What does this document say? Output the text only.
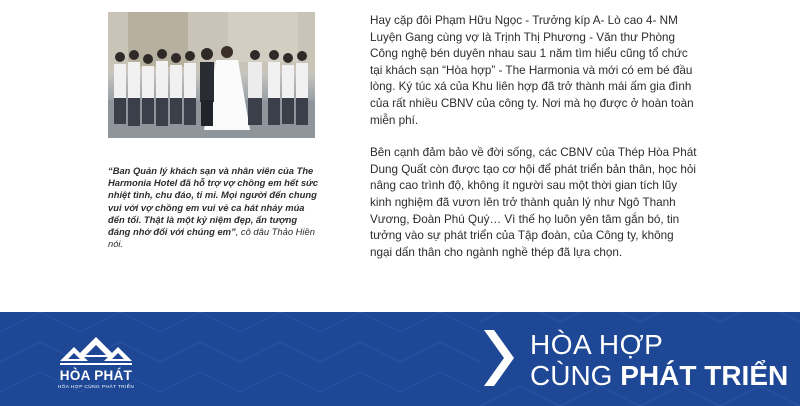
“Ban Quản lý khách sạn và nhân viên của The Harmonia Hotel đã hỗ trợ vợ chồng em hết sức nhiệt tình, chu đáo, tỉ mỉ. Mọi người đến chung vui với vợ chồng em vui vẻ ca hát nhảy múa đến tối. Thật là một kỷ niệm đẹp, ấn tượng đáng nhớ đối với chúng em”, cô dâu Thảo Hiền nói.

Hay cặp đôi Phạm Hữu Ngọc - Trưởng kíp A- Lò cao 4- NM Luyện Gang cùng vợ là Trịnh Thị Phương - Văn thư Phòng Công nghệ bén duyên nhau sau 1 năm tìm hiểu cũng tổ chức tại khách sạn “Hòa hợp” - The Harmonia và mới có em bé đầu lòng. Ký túc xá của Khu liên hợp đã trở thành mái ấm gia đình của rất nhiều CBNV của công ty. Nơi mà họ được ở hoàn toàn miễn phí.

Bên cạnh đảm bảo về đời sống, các CBNV của Thép Hòa Phát Dung Quất còn được tạo cơ hội để phát triển bản thân, học hỏi nâng cao trình độ, không ít người sau một thời gian tích lũy kinh nghiệm đã vươn lên trở thành quản lý như Ngô Thanh Vương, Đoàn Phú Quý… Vì thế họ luôn yên tâm gắn bó, tin tưởng vào sự phát triển của Tập đoàn, của Công ty, không ngại dấn thân cho ngành nghề thép đã lựa chọn.

HÒA PHÁT
HÒA HỢP CÙNG PHÁT TRIỂN
HÒA HỢP
CÙNG PHÁT TRIỂN
